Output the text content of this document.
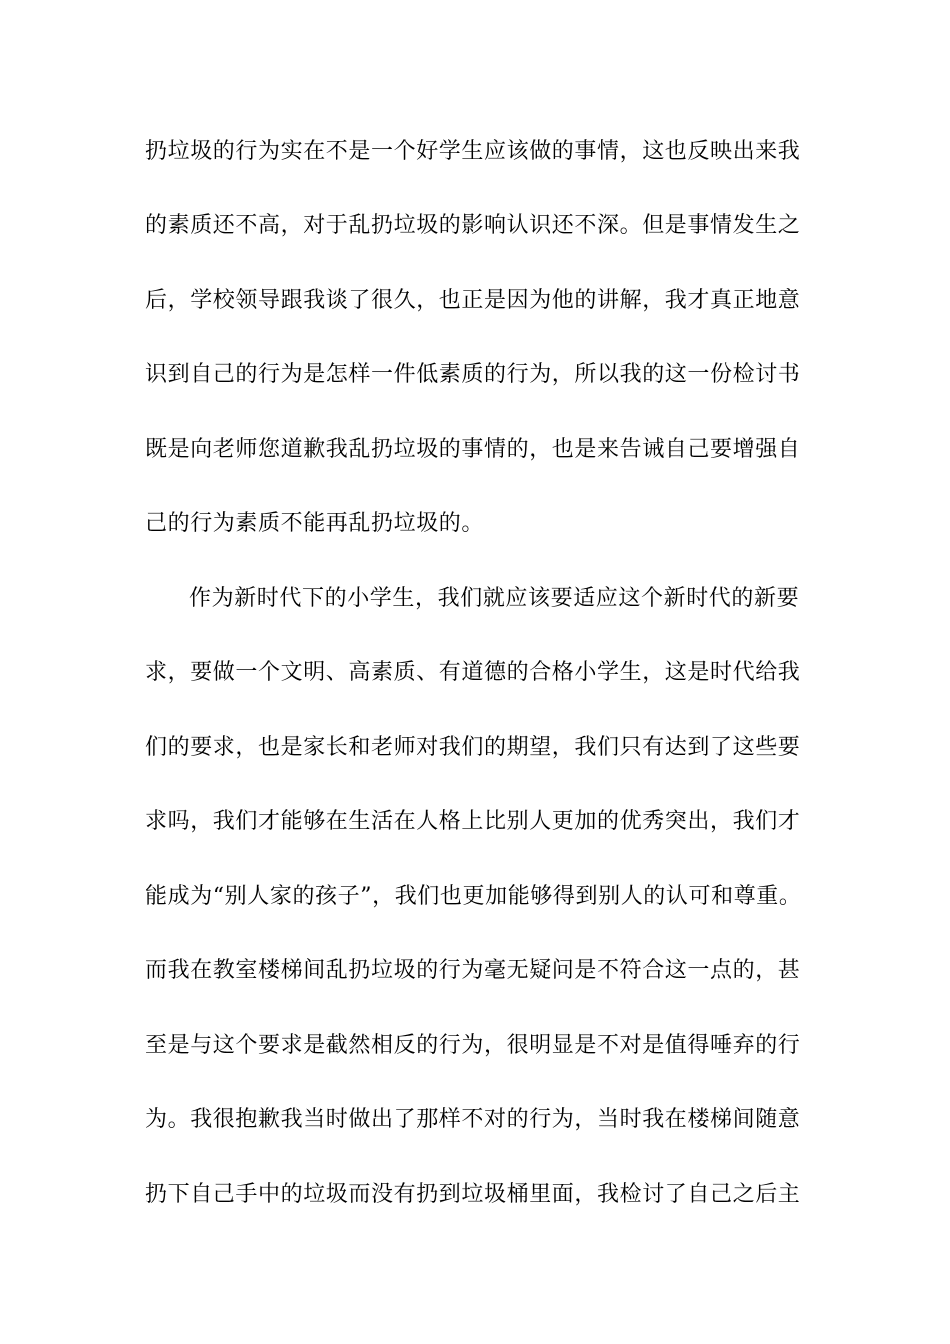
扔垃圾的行为实在不是一个好学生应该做的事情，这也反映出来我
的素质还不高，对于乱扔垃圾的影响认识还不深。但是事情发生之
后，学校领导跟我谈了很久，也正是因为他的讲解，我才真正地意
识到自己的行为是怎样一件低素质的行为，所以我的这一份检讨书
既是向老师您道歉我乱扔垃圾的事情的，也是来告诫自己要增强自
己的行为素质不能再乱扔垃圾的。
作为新时代下的小学生，我们就应该要适应这个新时代的新要
求，要做一个文明、高素质、有道德的合格小学生，这是时代给我
们的要求，也是家长和老师对我们的期望，我们只有达到了这些要
求吗，我们才能够在生活在人格上比别人更加的优秀突出，我们才
能成为“别人家的孩子”，我们也更加能够得到别人的认可和尊重。
而我在教室楼梯间乱扔垃圾的行为毫无疑问是不符合这一点的，甚
至是与这个要求是截然相反的行为，很明显是不对是值得唾弃的行
为。我很抱歉我当时做出了那样不对的行为，当时我在楼梯间随意
扔下自己手中的垃圾而没有扔到垃圾桶里面，我检讨了自己之后主
